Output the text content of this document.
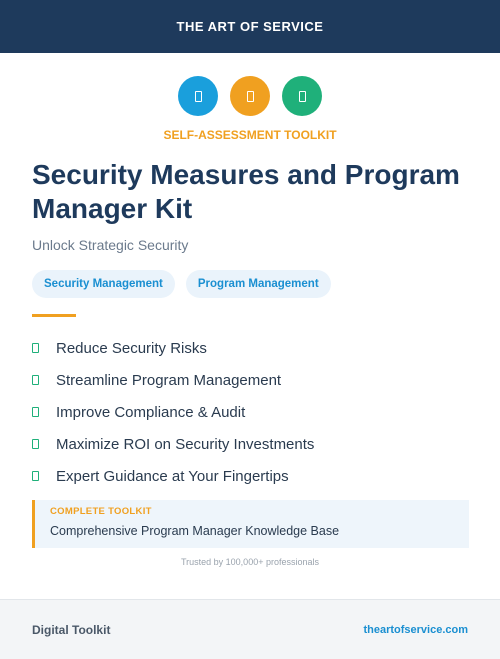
THE ART OF SERVICE
SELF-ASSESSMENT TOOLKIT
Security Measures and Program Manager Kit
Unlock Strategic Security
Security Management	Program Management
Reduce Security Risks
Streamline Program Management
Improve Compliance & Audit
Maximize ROI on Security Investments
Expert Guidance at Your Fingertips
COMPLETE TOOLKIT
Comprehensive Program Manager Knowledge Base
Trusted by 100,000+ professionals
Digital Toolkit	theartofservice.com
